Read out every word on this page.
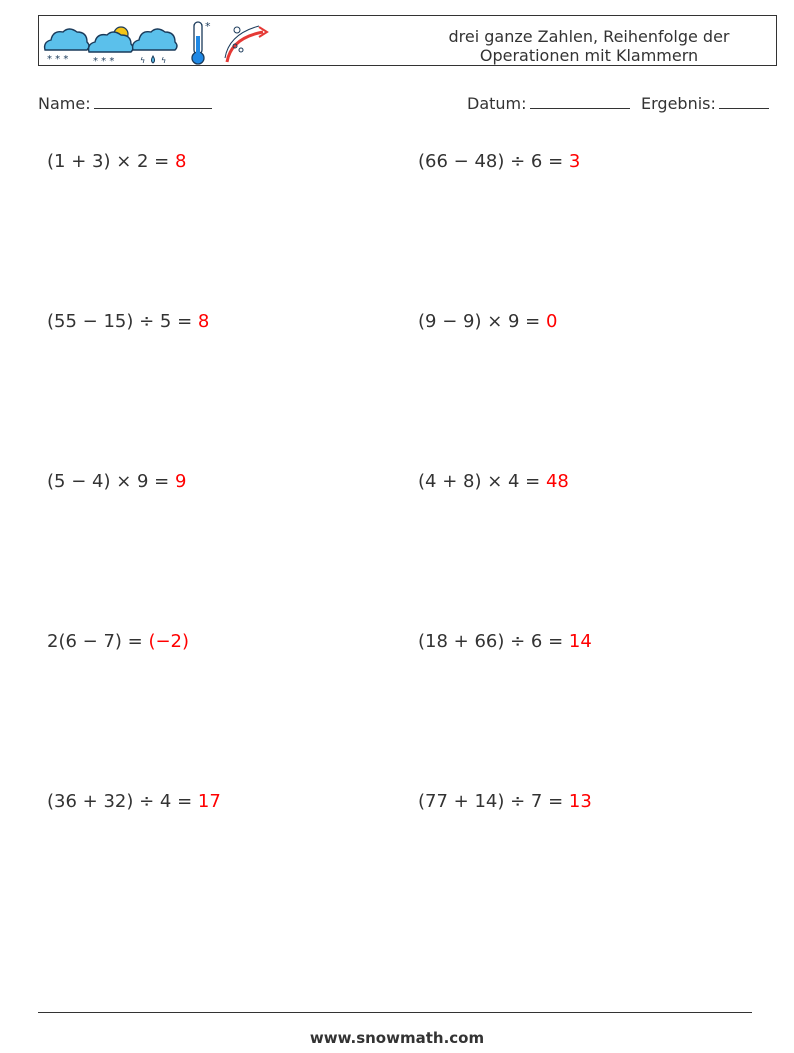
* * * * * *	ϟ ϟ
*
drei ganze Zahlen, Reihenfolge der
Operationen mit Klammern
Name:	Datum:	Ergebnis:
(1 + 3) × 2 = 8	(66 − 48) ÷ 6 = 3
(55 − 15) ÷ 5 = 8	(9 − 9) × 9 = 0
(5 − 4) × 9 = 9	(4 + 8) × 4 = 48
2(6 − 7) = (−2)	(18 + 66) ÷ 6 = 14
(36 + 32) ÷ 4 = 17	(77 + 14) ÷ 7 = 13
www.snowmath.com
